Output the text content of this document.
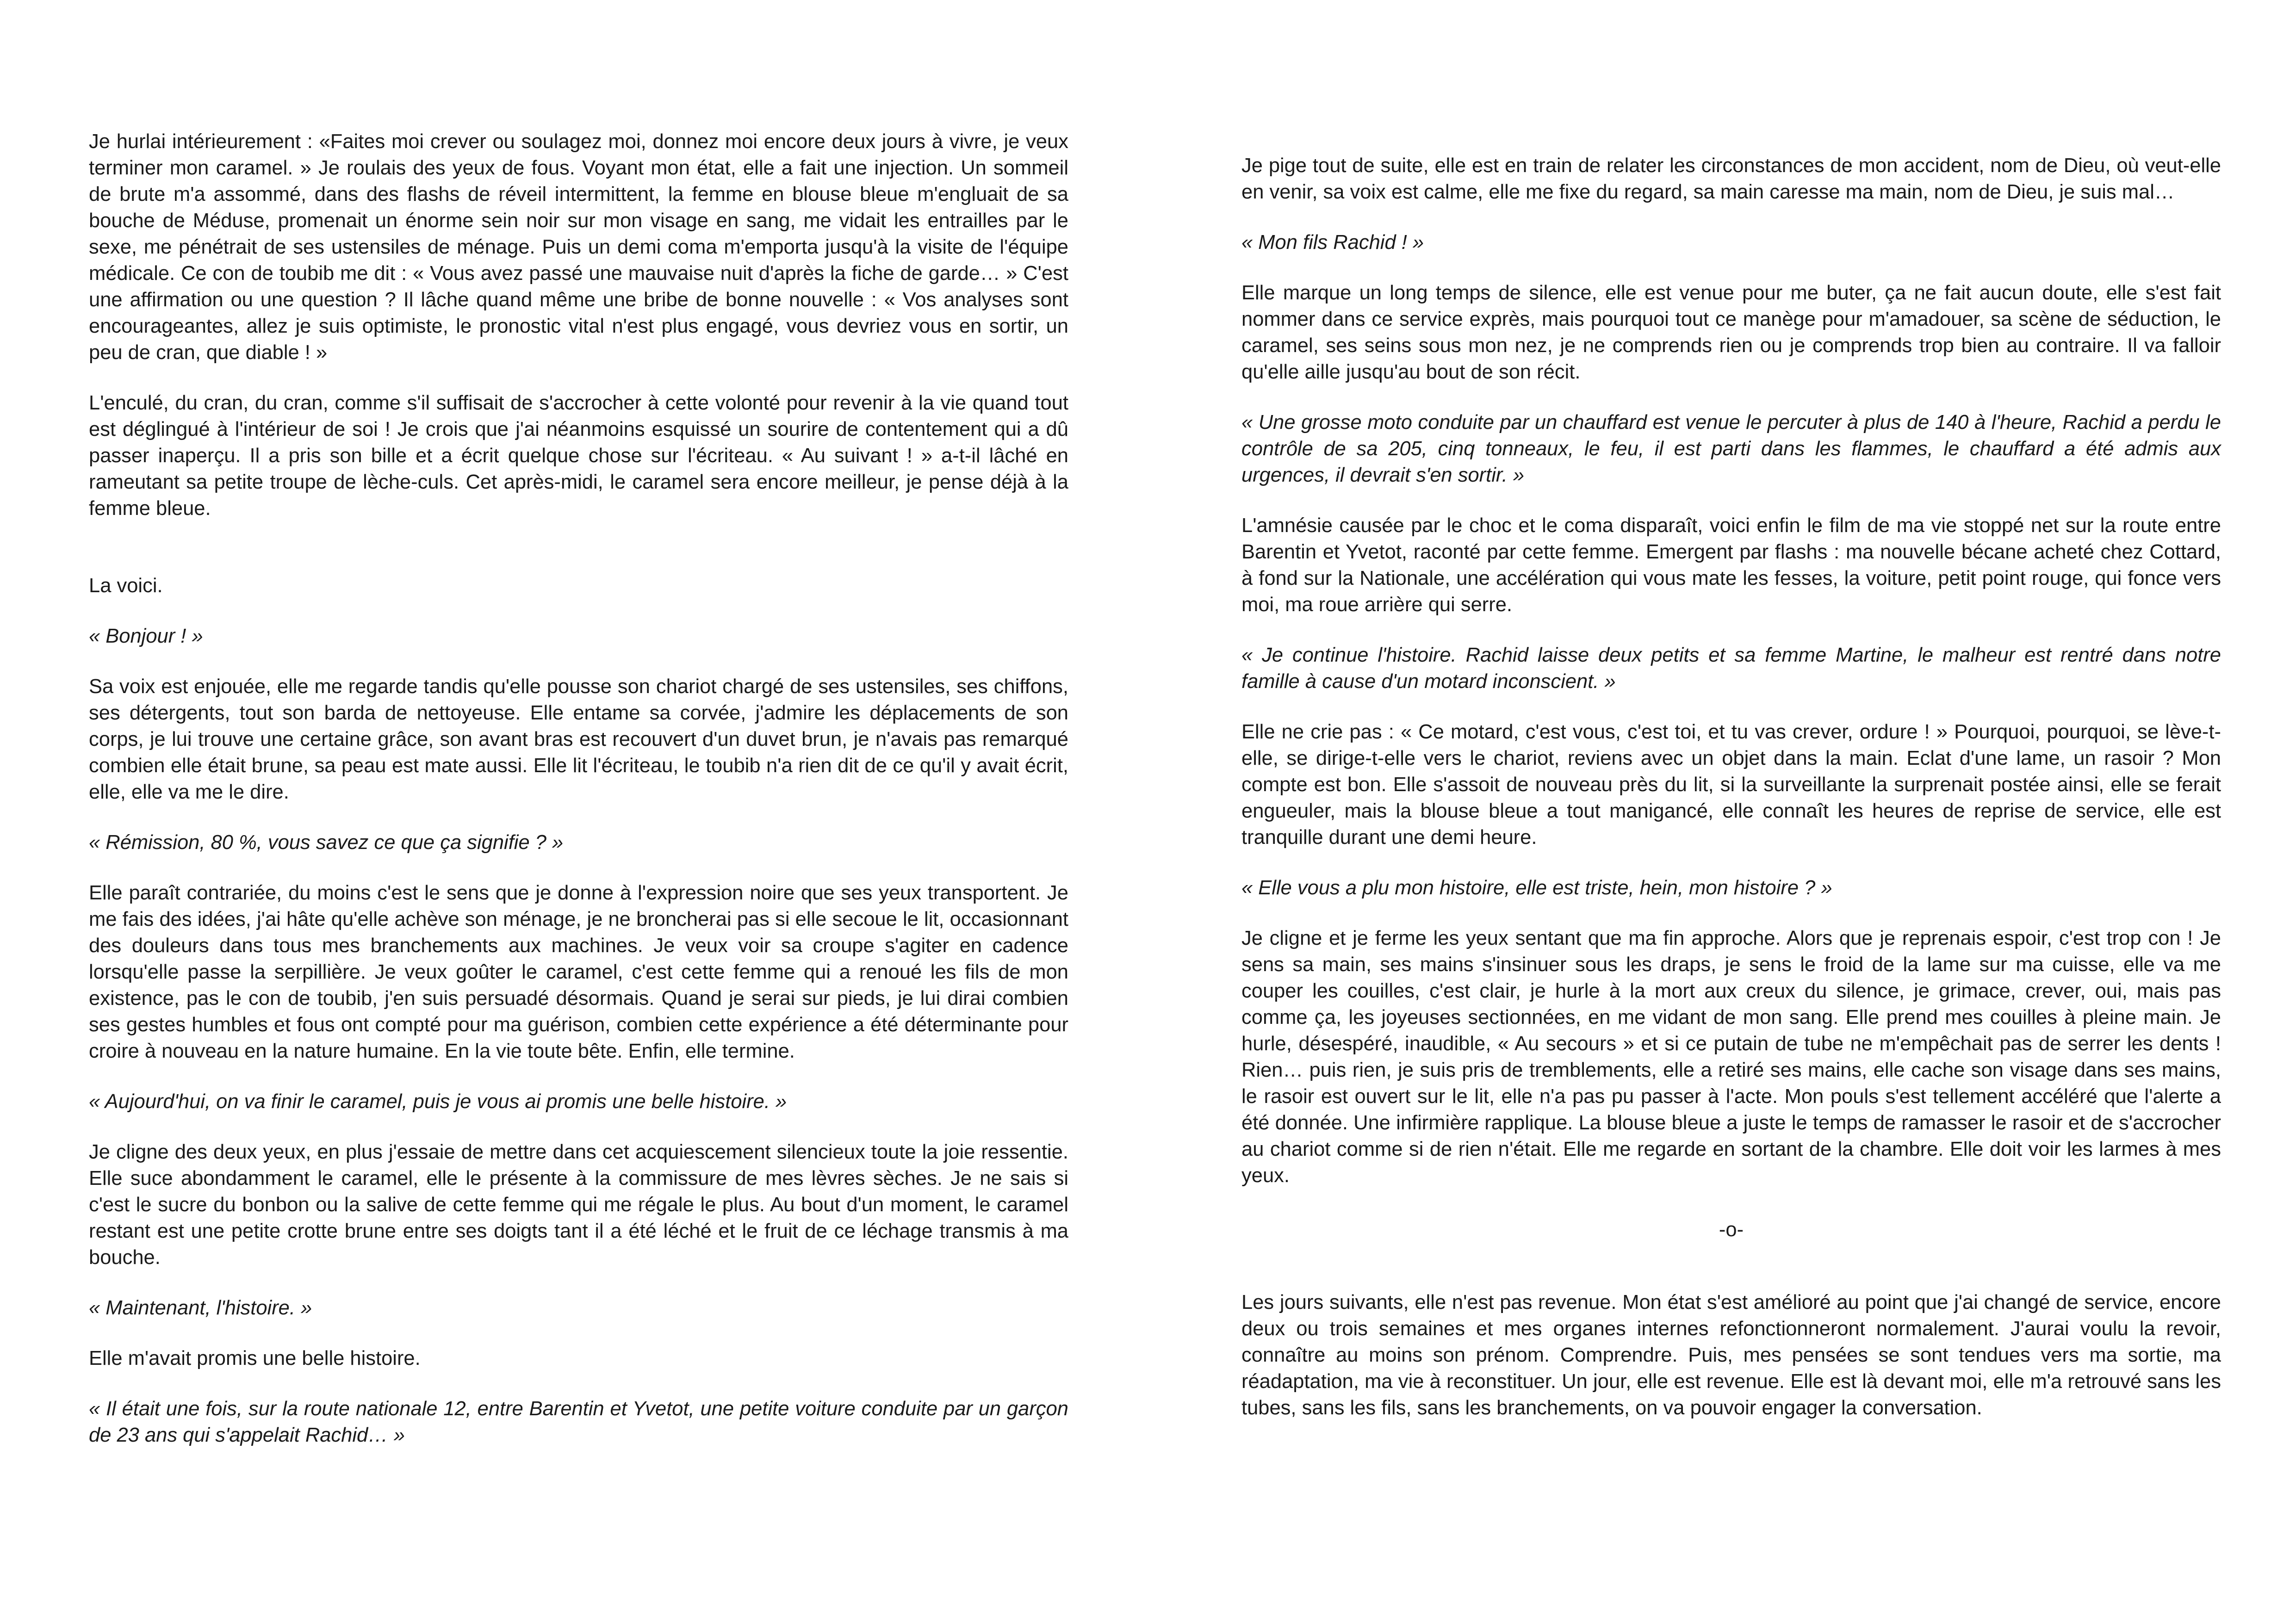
Je hurlai intérieurement : «Faites moi crever ou soulagez moi, donnez moi encore deux jours à vivre, je veux terminer mon caramel. » Je roulais des yeux de fous. Voyant mon état, elle a fait une injection. Un sommeil de brute m'a assommé, dans des flashs de réveil intermittent, la femme en blouse bleue m'engluait de sa bouche de Méduse, promenait un énorme sein noir sur mon visage en sang, me vidait les entrailles par le sexe, me pénétrait de ses ustensiles de ménage. Puis un demi coma m'emporta jusqu'à la visite de l'équipe médicale. Ce con de toubib me dit : « Vous avez passé une mauvaise nuit d'après la fiche de garde… » C'est une affirmation ou une question ? Il lâche quand même une bribe de bonne nouvelle : « Vos analyses sont encourageantes, allez je suis optimiste, le pronostic vital n'est plus engagé, vous devriez vous en sortir, un peu de cran, que diable ! »

L'enculé, du cran, du cran, comme s'il suffisait de s'accrocher à cette volonté pour revenir à la vie quand tout est déglingué à l'intérieur de soi ! Je crois que j'ai néanmoins esquissé un sourire de contentement qui a dû passer inaperçu. Il a pris son bille et a écrit quelque chose sur l'écriteau. « Au suivant ! » a-t-il lâché en rameutant sa petite troupe de lèche-culs. Cet après-midi, le caramel sera encore meilleur, je pense déjà à la femme bleue.

La voici.

« Bonjour ! »

Sa voix est enjouée, elle me regarde tandis qu'elle pousse son chariot chargé de ses ustensiles, ses chiffons, ses détergents, tout son barda de nettoyeuse. Elle entame sa corvée, j'admire les déplacements de son corps, je lui trouve une certaine grâce, son avant bras est recouvert d'un duvet brun, je n'avais pas remarqué combien elle était brune, sa peau est mate aussi. Elle lit l'écriteau, le toubib n'a rien dit de ce qu'il y avait écrit, elle, elle va me le dire.

« Rémission, 80 %, vous savez ce que ça signifie ? »

Elle paraît contrariée, du moins c'est le sens que je donne à l'expression noire que ses yeux transportent. Je me fais des idées, j'ai hâte qu'elle achève son ménage, je ne broncherai pas si elle secoue le lit, occasionnant des douleurs dans tous mes branchements aux machines. Je veux voir sa croupe s'agiter en cadence lorsqu'elle passe la serpillière. Je veux goûter le caramel, c'est cette femme qui a renoué les fils de mon existence, pas le con de toubib, j'en suis persuadé désormais. Quand je serai sur pieds, je lui dirai combien ses gestes humbles et fous ont compté pour ma guérison, combien cette expérience a été déterminante pour croire à nouveau en la nature humaine. En la vie toute bête. Enfin, elle termine.

« Aujourd'hui, on va finir le caramel, puis je vous ai promis une belle histoire. »

Je cligne des deux yeux, en plus j'essaie de mettre dans cet acquiescement silencieux toute la joie ressentie. Elle suce abondamment le caramel, elle le présente à la commissure de mes lèvres sèches. Je ne sais si c'est le sucre du bonbon ou la salive de cette femme qui me régale le plus. Au bout d'un moment, le caramel restant est une petite crotte brune entre ses doigts tant il a été léché et le fruit de ce léchage transmis à ma bouche.

« Maintenant, l'histoire. »

Elle m'avait promis une belle histoire.

« Il était une fois, sur la route nationale 12, entre Barentin et Yvetot, une petite voiture conduite par un garçon de 23 ans qui s'appelait Rachid… »

Je pige tout de suite, elle est en train de relater les circonstances de mon accident, nom de Dieu, où veut-elle en venir, sa voix est calme, elle me fixe du regard, sa main caresse ma main, nom de Dieu, je suis mal…

« Mon fils Rachid ! »

Elle marque un long temps de silence, elle est venue pour me buter, ça ne fait aucun doute, elle s'est fait nommer dans ce service exprès, mais pourquoi tout ce manège pour m'amadouer, sa scène de séduction, le caramel, ses seins sous mon nez, je ne comprends rien ou je comprends trop bien au contraire. Il va falloir qu'elle aille jusqu'au bout de son récit.

« Une grosse moto conduite par un chauffard est venue le percuter à plus de 140 à l'heure, Rachid a perdu le contrôle de sa 205, cinq tonneaux, le feu, il est parti dans les flammes, le chauffard a été admis aux urgences, il devrait s'en sortir. »

L'amnésie causée par le choc et le coma disparaît, voici enfin le film de ma vie stoppé net sur la route entre Barentin et Yvetot, raconté par cette femme. Emergent par flashs : ma nouvelle bécane acheté chez Cottard, à fond sur la Nationale, une accélération qui vous mate les fesses, la voiture, petit point rouge, qui fonce vers moi, ma roue arrière qui serre.

« Je continue l'histoire. Rachid laisse deux petits et sa femme Martine, le malheur est rentré dans notre famille à cause d'un motard inconscient. »

Elle ne crie pas : « Ce motard, c'est vous, c'est toi, et tu vas crever, ordure ! » Pourquoi, pourquoi, se lève-t-elle, se dirige-t-elle vers le chariot, reviens avec un objet dans la main. Eclat d'une lame, un rasoir ? Mon compte est bon. Elle s'assoit de nouveau près du lit, si la surveillante la surprenait postée ainsi, elle se ferait engueuler, mais la blouse bleue a tout manigancé, elle connaît les heures de reprise de service, elle est tranquille durant une demi heure.

« Elle vous a plu mon histoire, elle est triste, hein, mon histoire ? »

Je cligne et je ferme les yeux sentant que ma fin approche. Alors que je reprenais espoir, c'est trop con ! Je sens sa main, ses mains s'insinuer sous les draps, je sens le froid de la lame sur ma cuisse, elle va me couper les couilles, c'est clair, je hurle à la mort aux creux du silence, je grimace, crever, oui, mais pas comme ça, les joyeuses sectionnées, en me vidant de mon sang. Elle prend mes couilles à pleine main. Je hurle, désespéré, inaudible, « Au secours » et si ce putain de tube ne m'empêchait pas de serrer les dents ! Rien… puis rien, je suis pris de tremblements, elle a retiré ses mains, elle cache son visage dans ses mains, le rasoir est ouvert sur le lit, elle n'a pas pu passer à l'acte. Mon pouls s'est tellement accéléré que l'alerte a été donnée. Une infirmière rapplique. La blouse bleue a juste le temps de ramasser le rasoir et de s'accrocher au chariot comme si de rien n'était. Elle me regarde en sortant de la chambre. Elle doit voir les larmes à mes yeux.

-o-

Les jours suivants, elle n'est pas revenue. Mon état s'est amélioré au point que j'ai changé de service, encore deux ou trois semaines et mes organes internes refonctionneront normalement. J'aurai voulu la revoir, connaître au moins son prénom. Comprendre. Puis, mes pensées se sont tendues vers ma sortie, ma réadaptation, ma vie à reconstituer. Un jour, elle est revenue. Elle est là devant moi, elle m'a retrouvé sans les tubes, sans les fils, sans les branchements, on va pouvoir engager la conversation.
